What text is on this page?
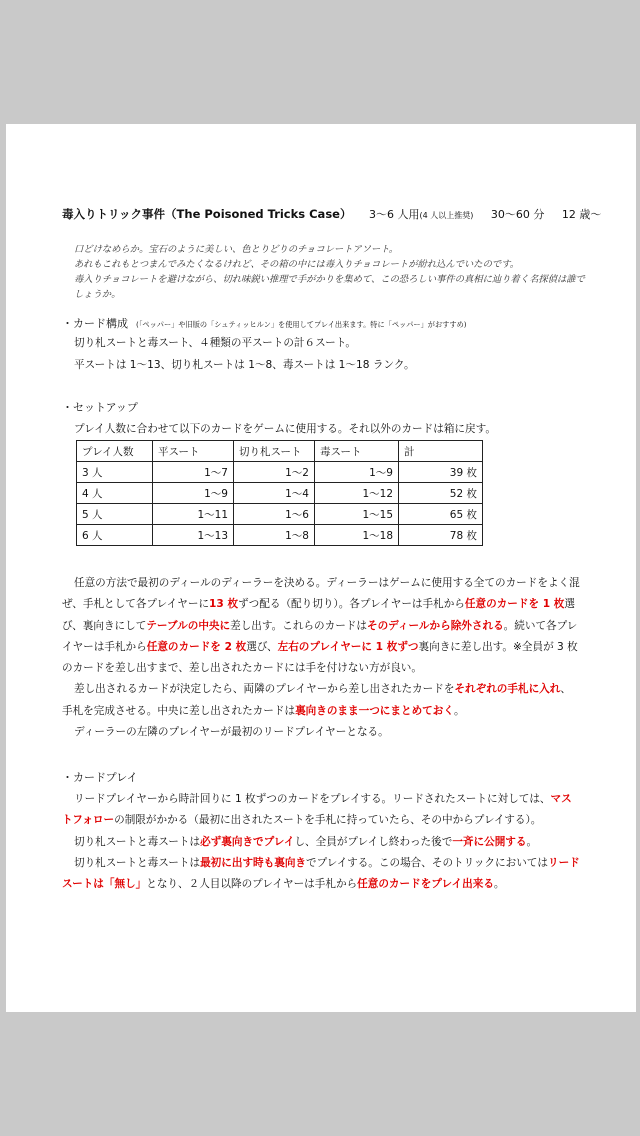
毒入りトリック事件（The Poisoned Tricks Case） 3～6 人用(4 人以上推奨) 30～60 分 12 歳～

口どけなめらか。宝石のように美しい、色とりどりのチョコレートアソート。

あれもこれもとつまんでみたくなるけれど、その箱の中には毒入りチョコレートが紛れ込んでいたのです。

毒入りチョコレートを避けながら、切れ味鋭い推理で手がかりを集めて、この恐ろしい事件の真相に辿り着く名探偵は誰でしょうか。

・カード構成 (「ペッパー」や旧版の「シュティッヒルン」を使用してプレイ出来ます。特に「ペッパー」がおすすめ)
切り札スートと毒スート、４種類の平スートの計６スート。
平スートは 1～13、切り札スートは 1～8、毒スートは 1～18 ランク。
・セットアップ
プレイ人数に合わせて以下のカードをゲームに使用する。それ以外のカードは箱に戻す。
プレイ人数	平スート	切り札スート	毒スート	計
3 人	1～7	1～2	1～9	39 枚
4 人	1～9	1～4	1～12	52 枚
5 人	1～11	1～6	1～15	65 枚
6 人	1～13	1～8	1～18	78 枚

任意の方法で最初のディールのディーラーを決める。ディーラーはゲームに使用する全てのカードをよく混ぜ、手札として各プレイヤーに13 枚ずつ配る（配り切り）。各プレイヤーは手札から任意のカードを 1 枚選び、裏向きにしてテーブルの中央に差し出す。これらのカードはそのディールから除外される。続いて各プレイヤーは手札から任意のカードを 2 枚選び、左右のプレイヤーに 1 枚ずつ裏向きに差し出す。※全員が 3 枚のカードを差し出すまで、差し出されたカードには手を付けない方が良い。

差し出されるカードが決定したら、両隣のプレイヤーから差し出されたカードをそれぞれの手札に入れ、手札を完成させる。中央に差し出されたカードは裏向きのまま一つにまとめておく。

ディーラーの左隣のプレイヤーが最初のリードプレイヤーとなる。

・カードプレイ

リードプレイヤーから時計回りに 1 枚ずつのカードをプレイする。リードされたスートに対しては、マストフォローの制限がかかる（最初に出されたスートを手札に持っていたら、その中からプレイする）。

切り札スートと毒スートは必ず裏向きでプレイし、全員がプレイし終わった後で一斉に公開する。

切り札スートと毒スートは最初に出す時も裏向きでプレイする。この場合、そのトリックにおいてはリードスートは「無し」となり、２人目以降のプレイヤーは手札から任意のカードをプレイ出来る。
